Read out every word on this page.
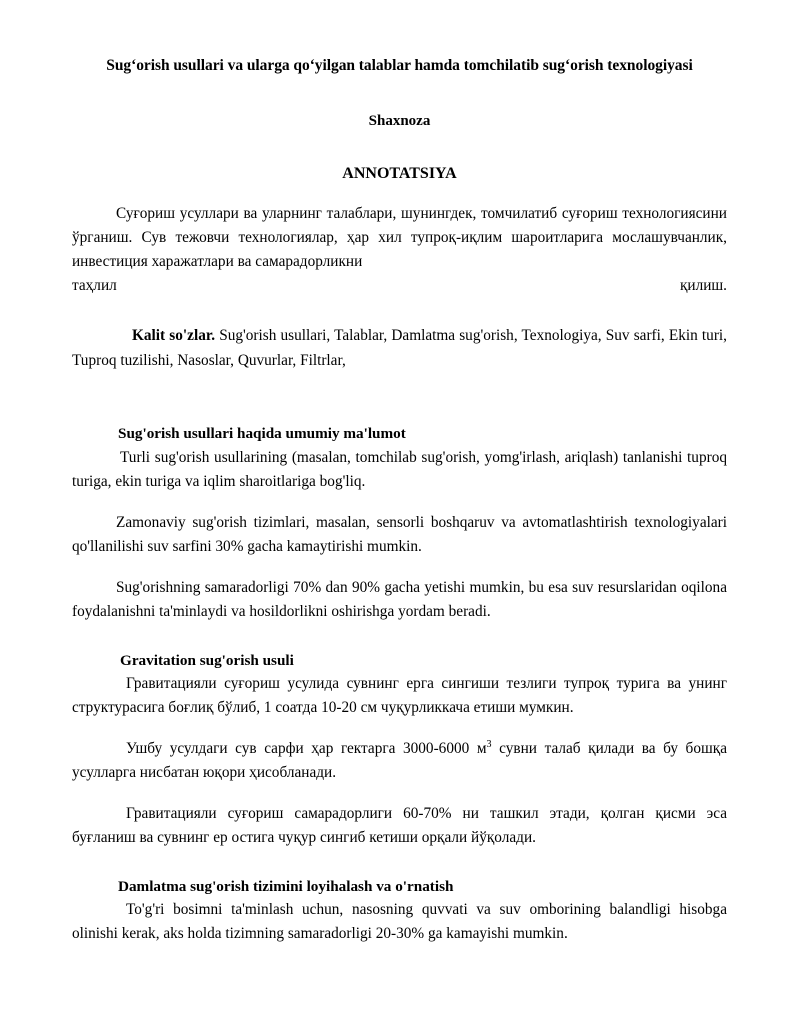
Sug‘orish usullari va ularga qo‘yilgan talablar hamda tomchilatib sug‘orish texnologiyasi
Shaxnoza
ANNOTATSIYA

Суғориш усуллари ва уларнинг талаблари, шунингдек, томчилатиб суғориш технологиясини ўрганиш. Сув тежовчи технологиялар, ҳар хил тупроқ-иқлим шароитларига мослашувчанлик, инвестиция харажатлари ва самарадорликни

таҳлил	қилиш.

Kalit so'zlar. Sug'orish usullari, Talablar, Damlatma sug'orish, Texnologiya, Suv sarfi, Ekin turi, Tuproq tuzilishi, Nasoslar, Quvurlar, Filtrlar,

Sug'orish usullari haqida umumiy ma'lumot

Turli sug'orish usullarining (masalan, tomchilab sug'orish, yomg'irlash, ariqlash) tanlanishi tuproq turiga, ekin turiga va iqlim sharoitlariga bog'liq.

Zamonaviy sug'orish tizimlari, masalan, sensorli boshqaruv va avtomatlashtirish texnologiyalari qo'llanilishi suv sarfini 30% gacha kamaytirishi mumkin.

Sug'orishning samaradorligi 70% dan 90% gacha yetishi mumkin, bu esa suv resurslaridan oqilona foydalanishni ta'minlaydi va hosildorlikni oshirishga yordam beradi.

Gravitation sug'orish usuli

Гравитацияли суғориш усулида сувнинг ерга сингиши тезлиги тупроқ турига ва унинг структурасига боғлиқ бўлиб, 1 соатда 10-20 см чуқурликкача етиши мумкин.

Ушбу усулдаги сув сарфи ҳар гектарга 3000-6000 $м^3$ сувни талаб қилади ва бу бошқа усулларга нисбатан юқори ҳисобланади.

Гравитацияли суғориш самарадорлиги 60-70% ни ташкил этади, қолган қисми эса буғланиш ва сувнинг ер остига чуқур сингиб кетиши орқали йўқолади.

Damlatma sug'orish tizimini loyihalash va o'rnatish

To'g'ri bosimni ta'minlash uchun, nasosning quvvati va suv omborining balandligi hisobga olinishi kerak, aks holda tizimning samaradorligi 20-30% ga kamayishi mumkin.
